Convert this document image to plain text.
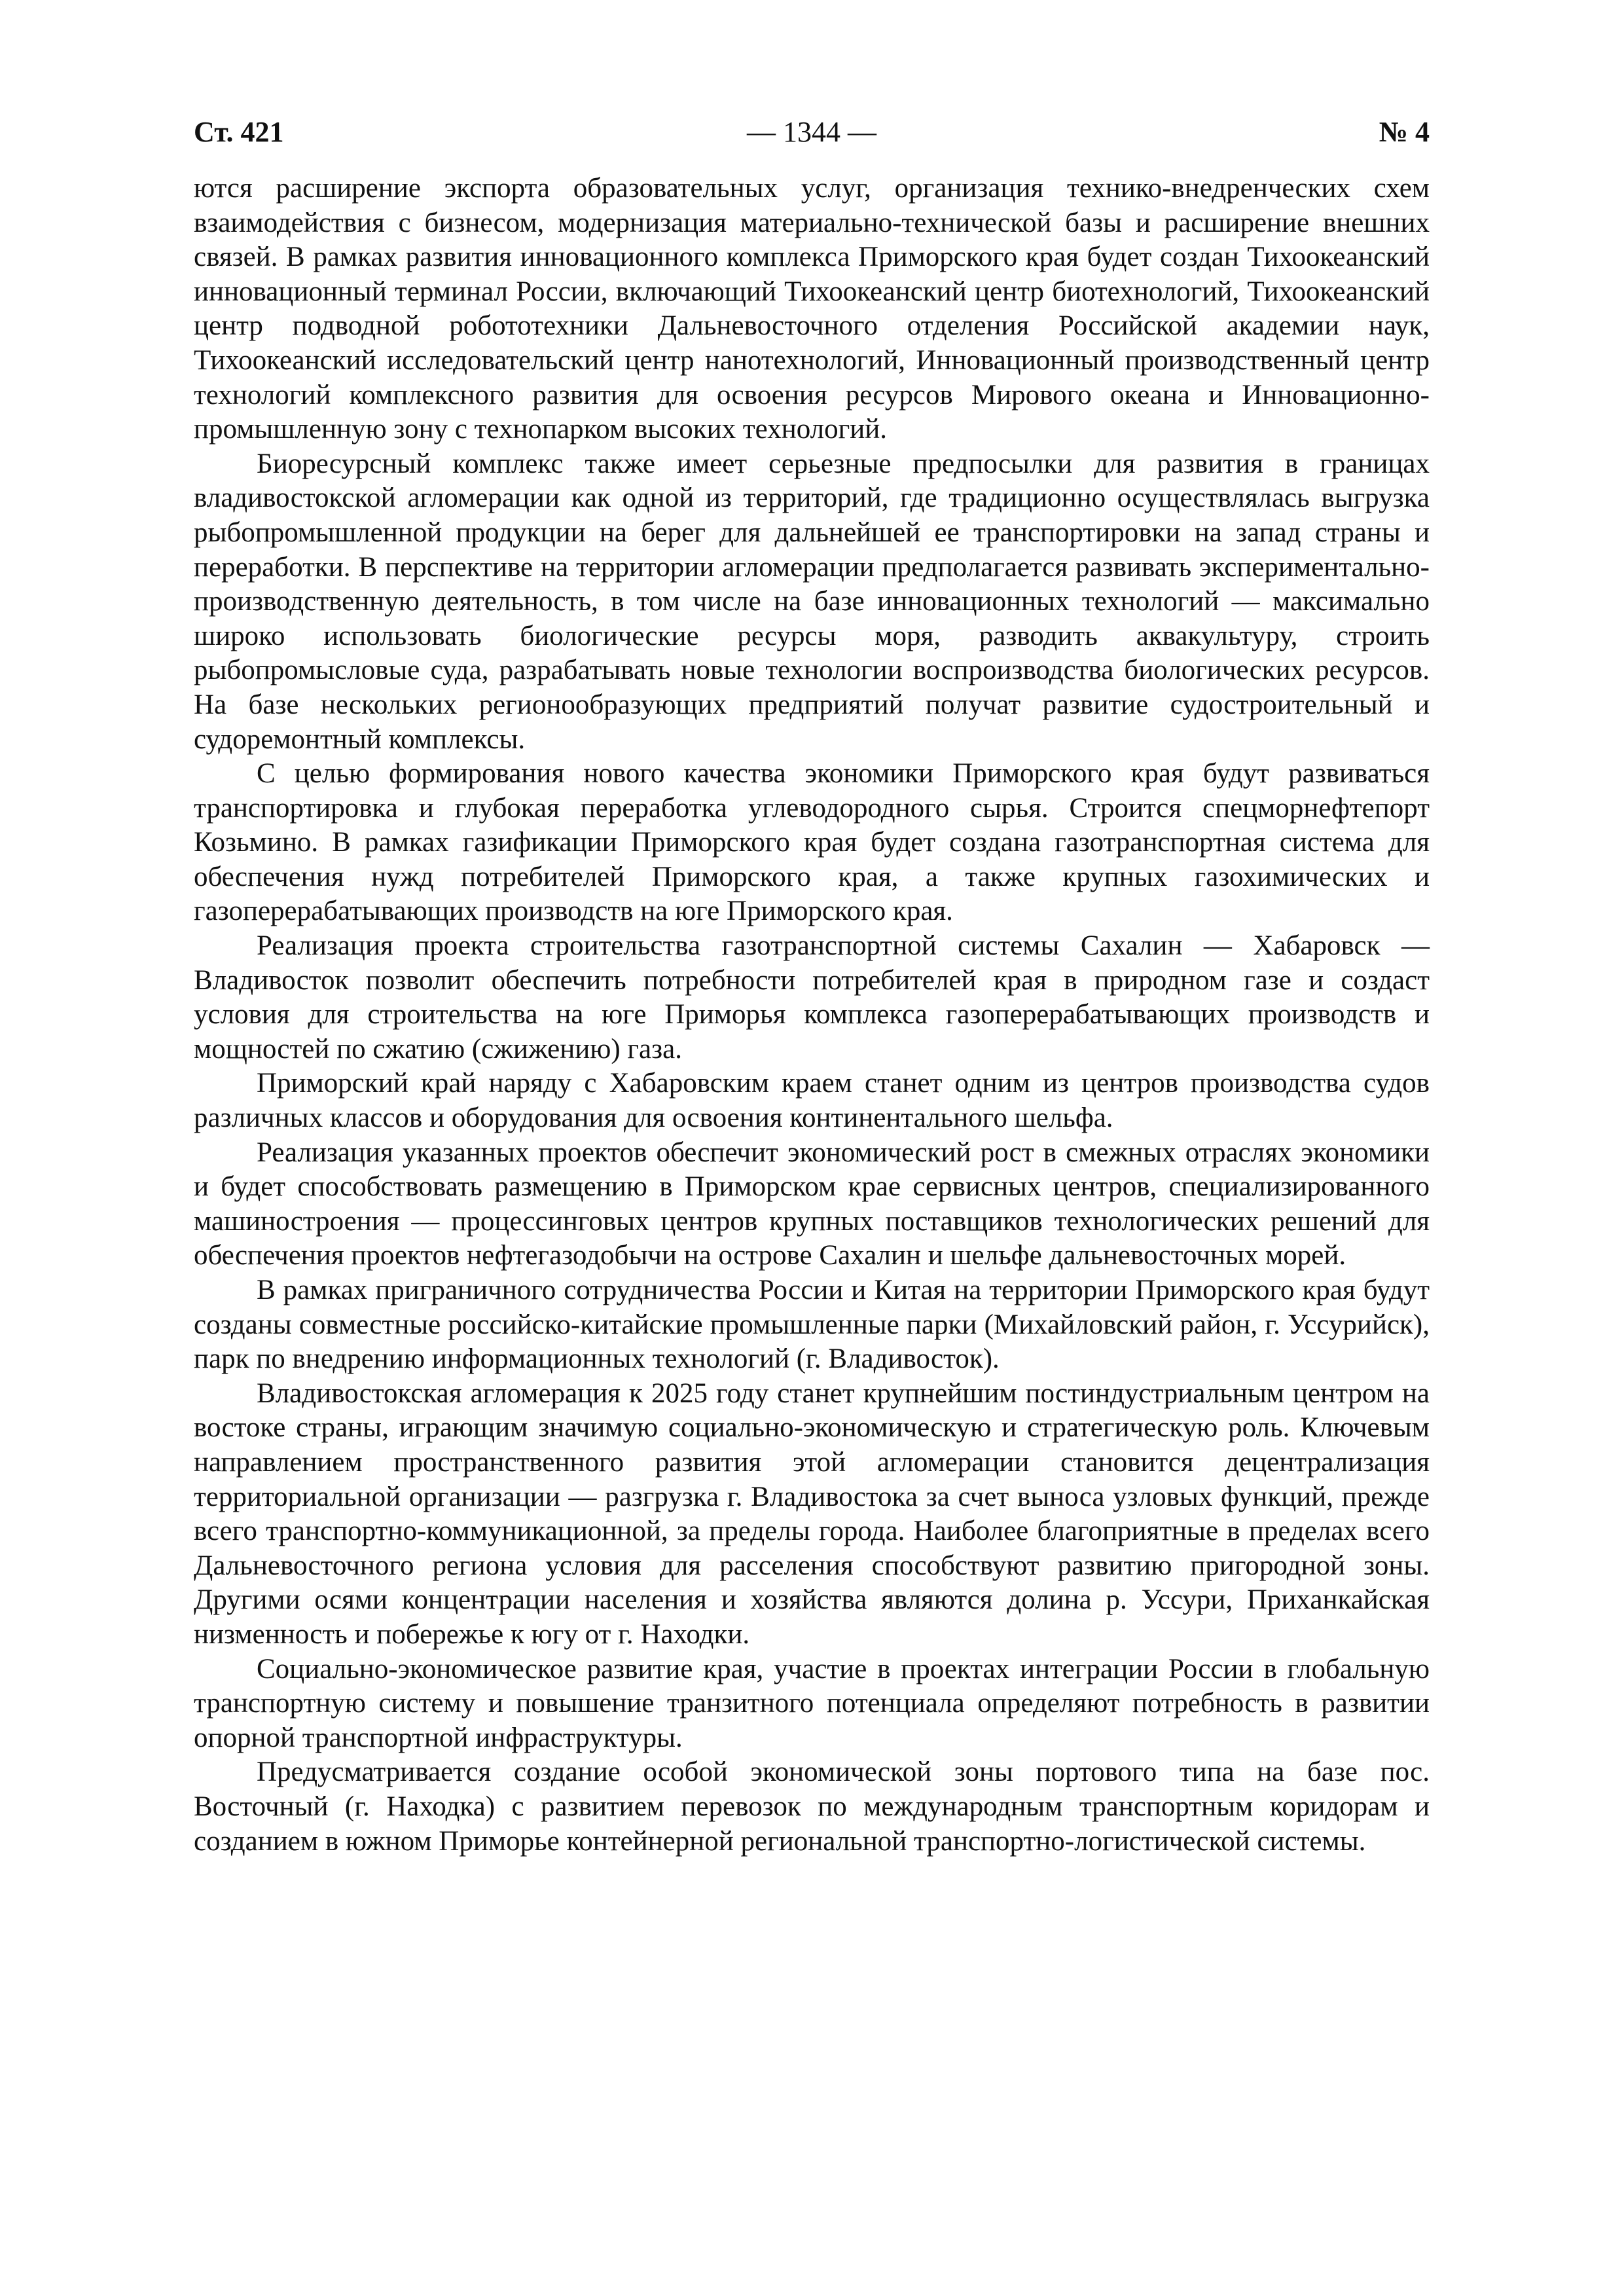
Ст. 421	— 1344 —	№ 4

ются расширение экспорта образовательных услуг, организация технико-внедренческих схем взаимодействия с бизнесом, модернизация материально-технической базы и расширение внешних связей. В рамках развития инновационного комплекса Приморского края будет создан Тихоокеанский инновационный терминал России, включающий Тихоокеанский центр биотехнологий, Тихоокеанский центр подводной робототехники Дальневосточного отделения Российской академии наук, Тихоокеанский исследовательский центр нанотехнологий, Инновационный производственный центр технологий комплексного развития для освоения ресурсов Мирового океана и Инновационно-промышленную зону с технопарком высоких технологий.

Биоресурсный комплекс также имеет серьезные предпосылки для развития в границах владивостокской агломерации как одной из территорий, где традиционно осуществлялась выгрузка рыбопромышленной продукции на берег для дальнейшей ее транспортировки на запад страны и переработки. В перспективе на территории агломерации предполагается развивать экспериментально-производственную деятельность, в том числе на базе инновационных технологий — максимально широко использовать биологические ресурсы моря, разводить аквакультуру, строить рыбопромысловые суда, разрабатывать новые технологии воспроизводства биологических ресурсов. На базе нескольких регионообразующих предприятий получат развитие судостроительный и судоремонтный комплексы.

С целью формирования нового качества экономики Приморского края будут развиваться транспортировка и глубокая переработка углеводородного сырья. Строится спецморнефтепорт Козьмино. В рамках газификации Приморского края будет создана газотранспортная система для обеспечения нужд потребителей Приморского края, а также крупных газохимических и газоперерабатывающих производств на юге Приморского края.

Реализация проекта строительства газотранспортной системы Сахалин — Хабаровск — Владивосток позволит обеспечить потребности потребителей края в природном газе и создаст условия для строительства на юге Приморья комплекса газоперерабатывающих производств и мощностей по сжатию (сжижению) газа.

Приморский край наряду с Хабаровским краем станет одним из центров производства судов различных классов и оборудования для освоения континентального шельфа.

Реализация указанных проектов обеспечит экономический рост в смежных отраслях экономики и будет способствовать размещению в Приморском крае сервисных центров, специализированного машиностроения — процессинговых центров крупных поставщиков технологических решений для обеспечения проектов нефтегазодобычи на острове Сахалин и шельфе дальневосточных морей.

В рамках приграничного сотрудничества России и Китая на территории Приморского края будут созданы совместные российско-китайские промышленные парки (Михайловский район, г. Уссурийск), парк по внедрению информационных технологий (г. Владивосток).

Владивостокская агломерация к 2025 году станет крупнейшим постиндустриальным центром на востоке страны, играющим значимую социально-экономическую и стратегическую роль. Ключевым направлением пространственного развития этой агломерации становится децентрализация территориальной организации — разгрузка г. Владивостока за счет выноса узловых функций, прежде всего транспортно-коммуникационной, за пределы города. Наиболее благоприятные в пределах всего Дальневосточного региона условия для расселения способствуют развитию пригородной зоны. Другими осями концентрации населения и хозяйства являются долина р. Уссури, Приханкайская низменность и побережье к югу от г. Находки.

Социально-экономическое развитие края, участие в проектах интеграции России в глобальную транспортную систему и повышение транзитного потенциала определяют потребность в развитии опорной транспортной инфраструктуры.

Предусматривается создание особой экономической зоны портового типа на базе пос. Восточный (г. Находка) с развитием перевозок по международным транспортным коридорам и созданием в южном Приморье контейнерной региональной транспортно-логистической системы.
